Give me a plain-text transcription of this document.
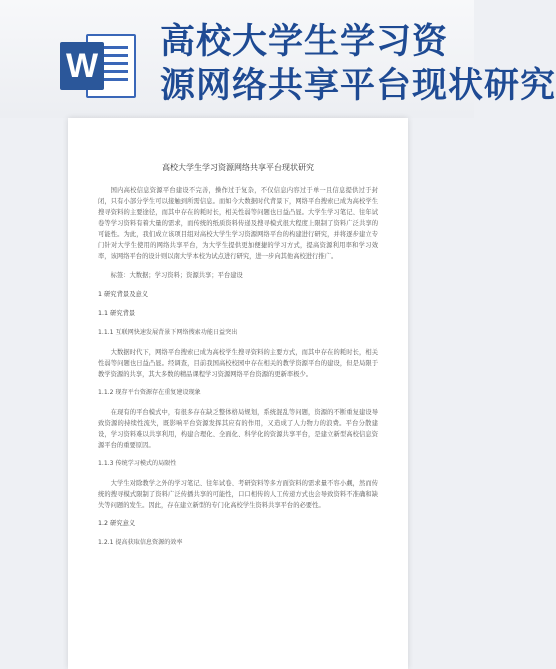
W
高校大学生学习资
源网络共享平台现状研究
高校大学生学习资源网络共享平台现状研究

国内高校信息资源平台建设不完善，操作过于复杂，不仅信息内容过于单一且信息提供过于封闭，只有小部分学生可以接触到所需信息。而如今大数据时代背景下，网络平台搜索已成为高校学生搜寻资料的主要途径，而其中存在的耗时长，相关性弱等问题也日益凸显。大学生学习笔记、往年试卷等学习资料有着大量的需求，而传统的纸质资料传递及搜寻模式很大程度上限制了资料广泛共享的可能性。为此，我们成立该项目组对高校大学生学习资源网络平台的构建进行研究，并将逐步建立专门针对大学生使用的网络共享平台，为大学生提供更加便捷的学习方式，提高资源利用率和学习效率，该网络平台的设计则以南大学本校为试点进行研究，进一步向其他高校进行推广。

标签：大数据；学习资料；资源共享；平台建设

1 研究背景及意义
1.1 研究背景
1.1.1 互联网快速发展背景下网络搜索功能日益突出

大数据时代下，网络平台搜索已成为高校学生搜寻资料的主要方式，而其中存在的耗时长，相关性弱等问题也日益凸显。经调查，目前我国高校校园中存在相关的教学资源平台的建设，但是局限于教学资源的共享，其大多数的精品课程学习资源网络平台资源的更新率极少。

1.1.2 现存平台资源存在重复建设现象

在现有的平台模式中，有很多存在缺乏整体格局规划，系统混乱等问题，资源的不断重复建设导致资源的持续性流失，既影响平台资源发挥其应有的作用，又造成了人力物力的浪费。平台分散建设，学习资料难以共享利用，构建合理化、全面化、科学化的资源共享平台，是建立新型高校信息资源平台的重要原因。

1.1.3 传统学习模式的局限性

大学生对除教学之外的学习笔记、往年试卷、考研资料等多方面资料的需求量不容小觑，然而传统的搜寻模式限制了资料广泛传播共享的可能性，口口相传的人工传递方式也会导致资料不准确和缺失等问题的发生。因此，存在建立新型的专门化高校学生资料共享平台的必要性。

1.2 研究意义
1.2.1 提高获取信息资源的效率
